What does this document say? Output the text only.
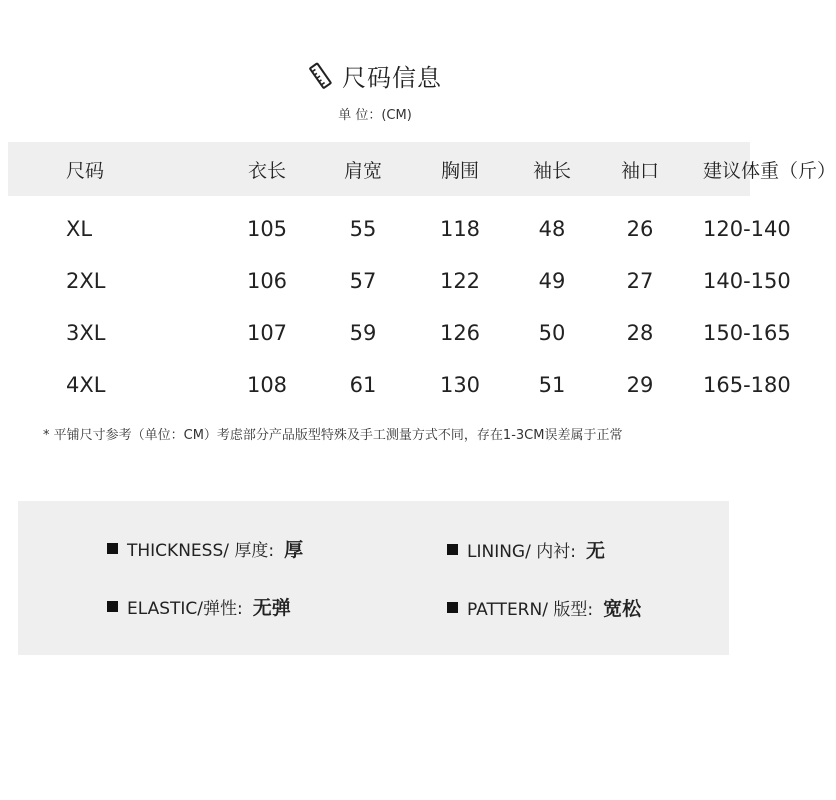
尺码信息
单 位：(CM)
尺码	衣长	肩宽	胸围	袖长	袖口	建议体重（斤）
XL	105	55	118	48	26	120-140
2XL	106	57	122	49	27	140-150
3XL	107	59	126	50	28	150-165
4XL	108	61	130	51	29	165-180
* 平铺尺寸参考（单位：CM）考虑部分产品版型特殊及手工测量方式不同，存在1-3CM误差属于正常
THICKNESS/ 厚度: 厚	LINING/ 内衬: 无
ELASTIC/弹性: 无弹	PATTERN/ 版型: 宽松
